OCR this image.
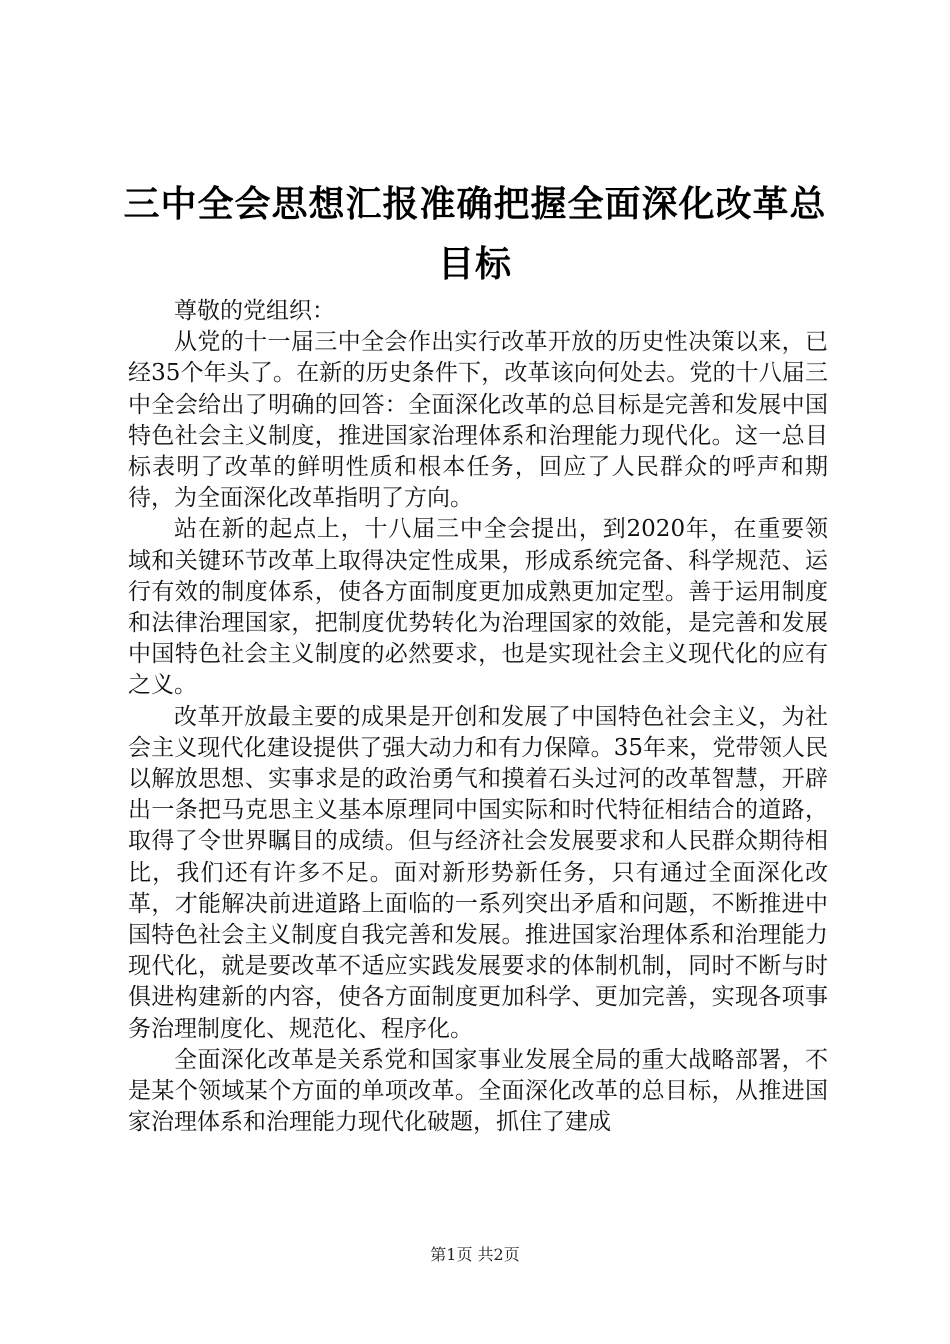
三中全会思想汇报准确把握全面深化改革总目标

尊敬的党组织：

从党的十一届三中全会作出实行改革开放的历史性决策以来，已经35个年头了。在新的历史条件下，改革该向何处去。党的十八届三中全会给出了明确的回答：全面深化改革的总目标是完善和发展中国特色社会主义制度，推进国家治理体系和治理能力现代化。这一总目标表明了改革的鲜明性质和根本任务，回应了人民群众的呼声和期待，为全面深化改革指明了方向。

站在新的起点上，十八届三中全会提出，到2020年，在重要领域和关键环节改革上取得决定性成果，形成系统完备、科学规范、运行有效的制度体系，使各方面制度更加成熟更加定型。善于运用制度和法律治理国家，把制度优势转化为治理国家的效能，是完善和发展中国特色社会主义制度的必然要求，也是实现社会主义现代化的应有之义。

改革开放最主要的成果是开创和发展了中国特色社会主义，为社会主义现代化建设提供了强大动力和有力保障。35年来，党带领人民以解放思想、实事求是的政治勇气和摸着石头过河的改革智慧，开辟出一条把马克思主义基本原理同中国实际和时代特征相结合的道路，取得了令世界瞩目的成绩。但与经济社会发展要求和人民群众期待相比，我们还有许多不足。面对新形势新任务，只有通过全面深化改革，才能解决前进道路上面临的一系列突出矛盾和问题，不断推进中国特色社会主义制度自我完善和发展。推进国家治理体系和治理能力现代化，就是要改革不适应实践发展要求的体制机制，同时不断与时俱进构建新的内容，使各方面制度更加科学、更加完善，实现各项事务治理制度化、规范化、程序化。

全面深化改革是关系党和国家事业发展全局的重大战略部署，不是某个领域某个方面的单项改革。全面深化改革的总目标，从推进国家治理体系和治理能力现代化破题，抓住了建成

第1页 共2页
